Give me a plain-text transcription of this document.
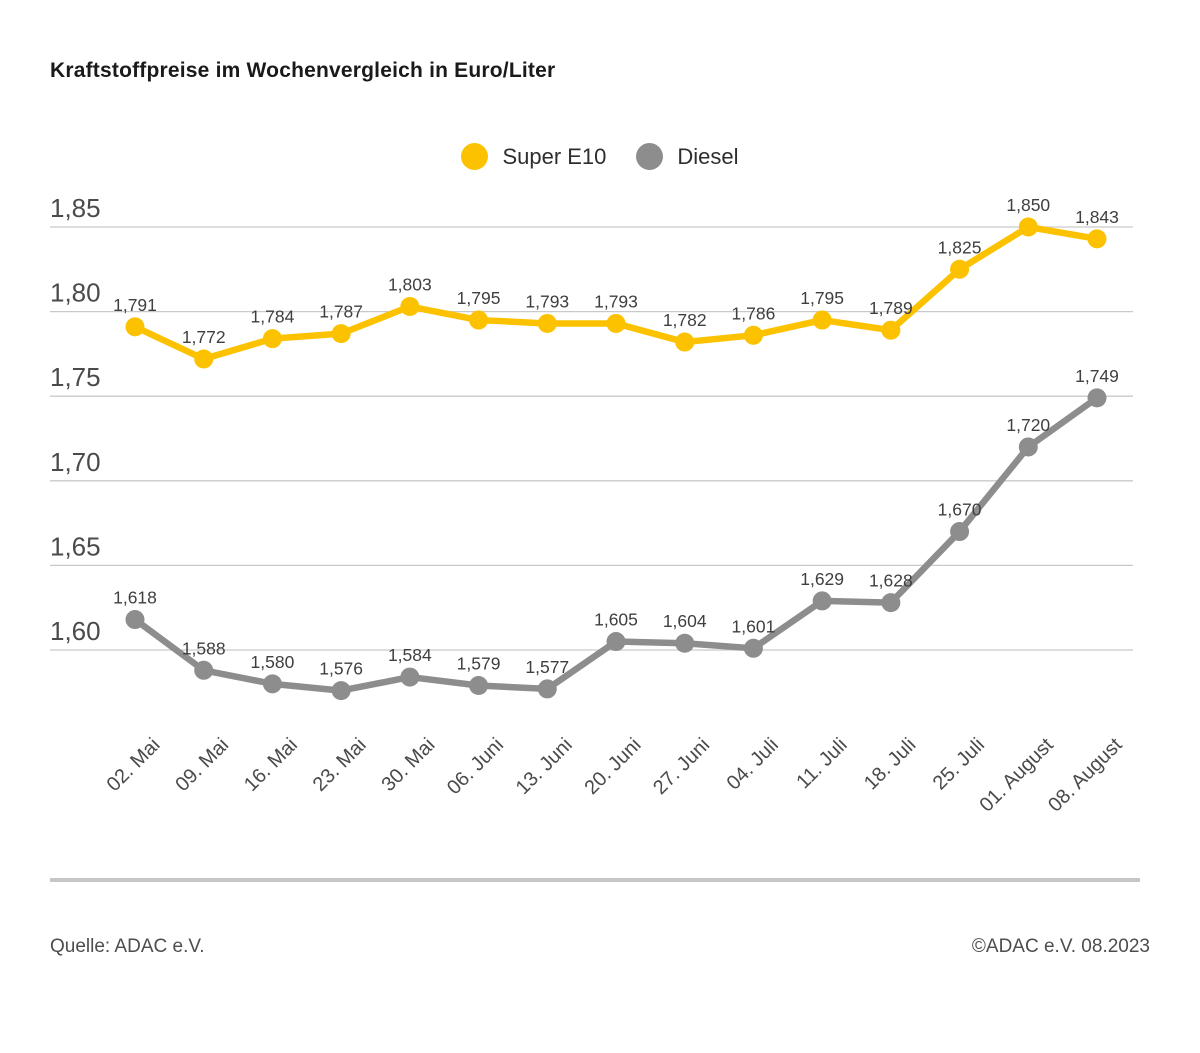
Kraftstoffpreise im Wochenvergleich in Euro/Liter
Super E10	Diesel
1,85
1,80
1,75
1,70
1,65
1,60
02. Mai 09. Mai 16. Mai 23. Mai 30. Mai 06. Juni 13. Juni 20. Juni 27. Juni 04. Juli 11. Juli 18. Juli 25. Juli
01. August
08. August
1,791
1,772
1,784 1,787
1,803
1,795 1,793 1,793
1,782 1,786
1,795
1,789
1,825
1,850
1,843
1,618
1,588
1,580 1,576
1,584 1,579 1,577
1,605 1,604 1,601
1,629 1,628
1,670
1,720
1,749
Quelle: ADAC e.V.	©ADAC e.V. 08.2023
